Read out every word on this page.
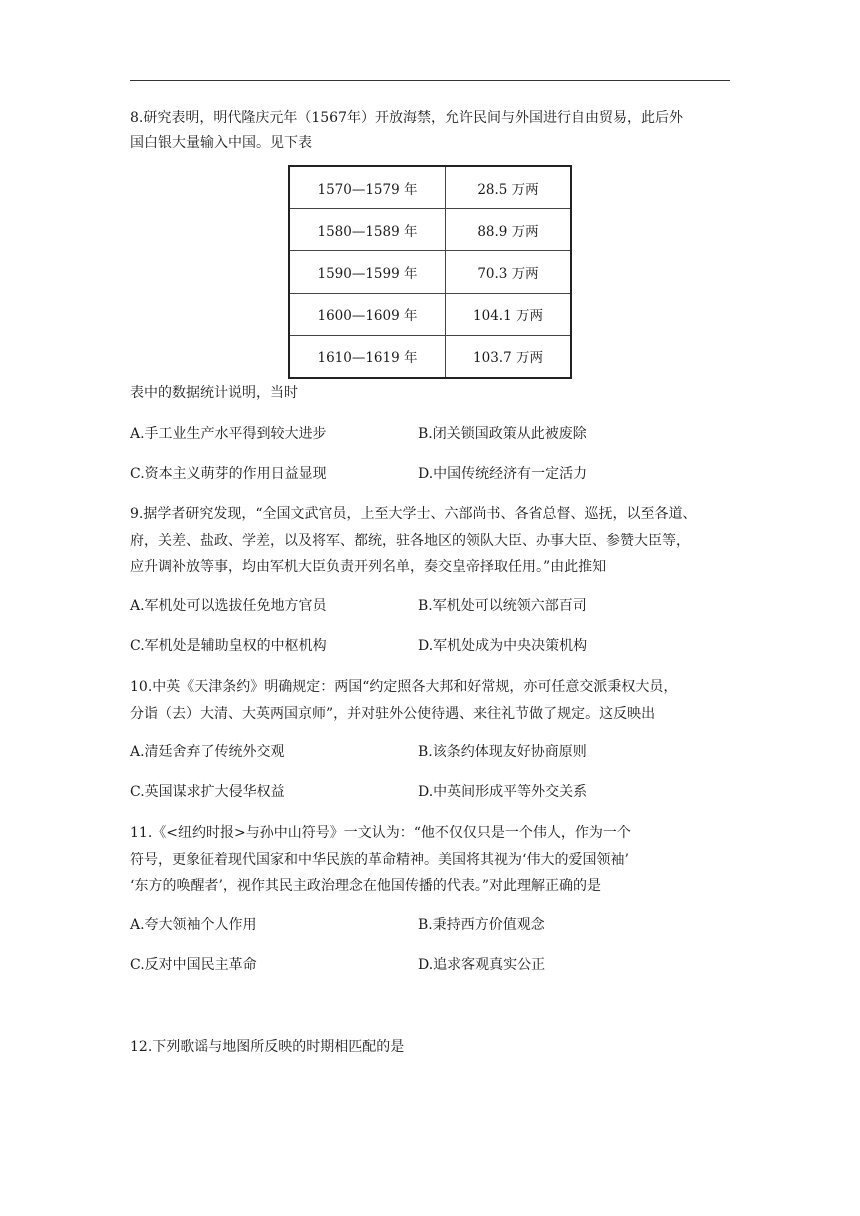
8.研究表明，明代隆庆元年（1567年）开放海禁，允许民间与外国进行自由贸易，此后外

国白银大量输入中国。见下表

1570—1579 年	28.5 万两
1580—1589 年	88.9 万两
1590—1599 年	70.3 万两
1600—1609 年	104.1 万两
1610—1619 年	103.7 万两

表中的数据统计说明，当时

A.手工业生产水平得到较大进步	B.闭关锁国政策从此被废除
C.资本主义萌芽的作用日益显现	D.中国传统经济有一定活力

9.据学者研究发现，“全国文武官员，上至大学士、六部尚书、各省总督、巡抚，以至各道、

府，关差、盐政、学差，以及将军、都统，驻各地区的领队大臣、办事大臣、参赞大臣等，

应升调补放等事，均由军机大臣负责开列名单，奏交皇帝择取任用。”由此推知

A.军机处可以选拔任免地方官员	B.军机处可以统领六部百司
C.军机处是辅助皇权的中枢机构	D.军机处成为中央决策机构

10.中英《天津条约》明确规定：两国“约定照各大邦和好常规，亦可任意交派秉权大员，

分诣（去）大清、大英两国京师”，并对驻外公使待遇、来往礼节做了规定。这反映出

A.清廷舍弃了传统外交观	B.该条约体现友好协商原则
C.英国谋求扩大侵华权益	D.中英间形成平等外交关系

11.《<纽约时报>与孙中山符号》一文认为：“他不仅仅只是一个伟人，作为一个

符号，更象征着现代国家和中华民族的革命精神。美国将其视为‘伟大的爱国领袖’

‘东方的唤醒者’，视作其民主政治理念在他国传播的代表。”对此理解正确的是

A.夸大领袖个人作用	B.秉持西方价值观念
C.反对中国民主革命	D.追求客观真实公正

12.下列歌谣与地图所反映的时期相匹配的是
